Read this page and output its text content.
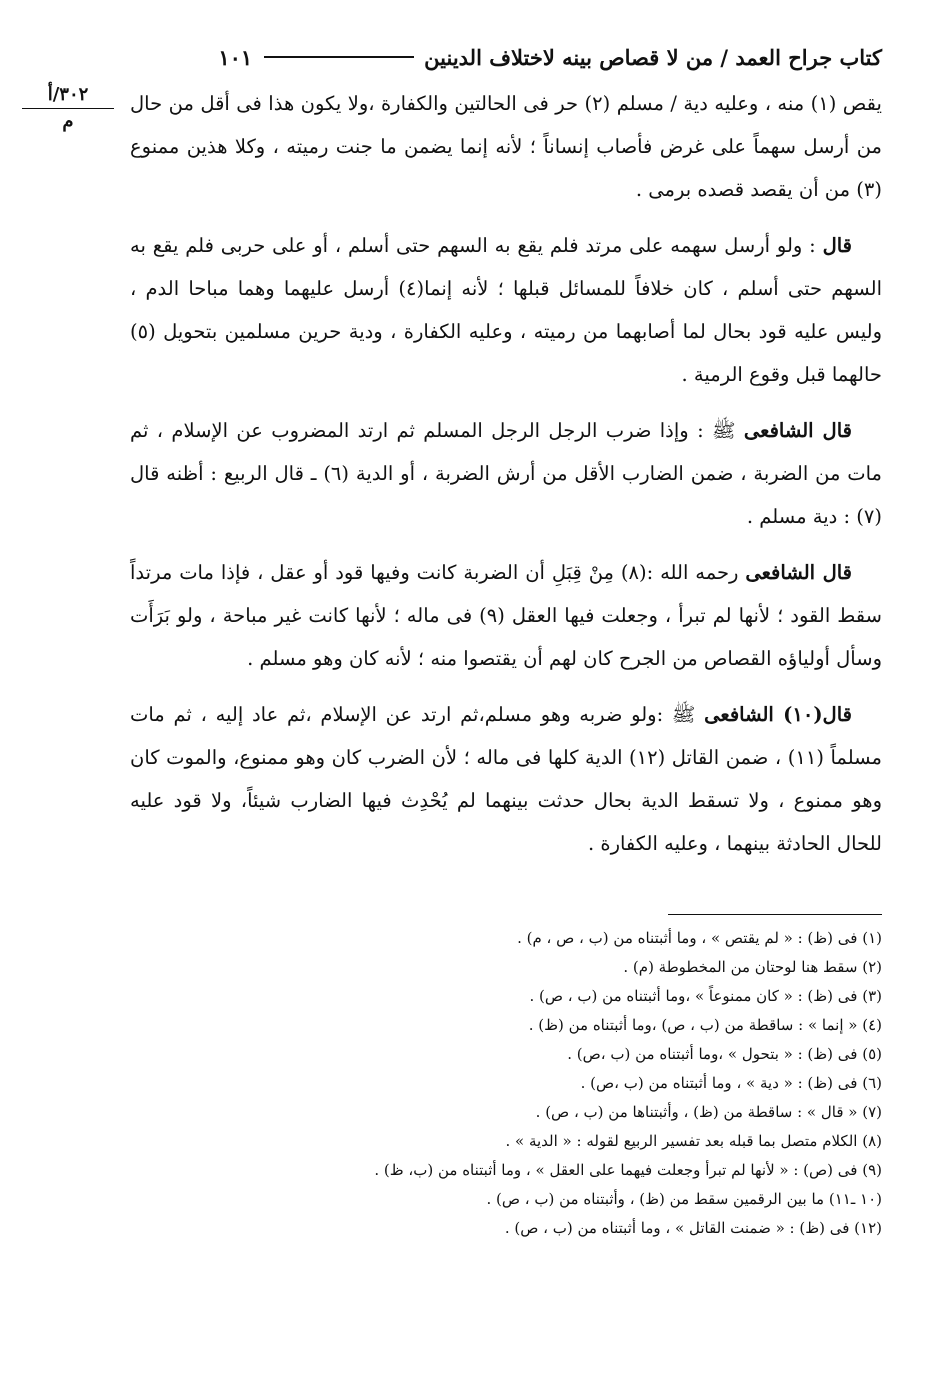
كتاب جراح العمد / من لا قصاص بينه لاختلاف الدينين
١٠١
٣٠٢/أ
م

يقص (١) منه ، وعليه دية / مسلم (٢) حر فى الحالتين والكفارة ،ولا يكون هذا فى أقل من حال من أرسل سهماً على غرض فأصاب إنساناً ؛ لأنه إنما يضمن ما جنت رميته ، وكلا هذين ممنوع (٣) من أن يقصد قصده برمى .

قال : ولو أرسل سهمه على مرتد فلم يقع به السهم حتى أسلم ، أو على حربى فلم يقع به السهم حتى أسلم ، كان خلافاً للمسائل قبلها ؛ لأنه إنما(٤) أرسل عليهما وهما مباحا الدم ، وليس عليه قود بحال لما أصابهما من رميته ، وعليه الكفارة ، ودية حرين مسلمين بتحويل (٥) حالهما قبل وقوع الرمية .

قال الشافعى ﷺ : وإذا ضرب الرجل الرجل المسلم ثم ارتد المضروب عن الإسلام ، ثم مات من الضربة ، ضمن الضارب الأقل من أرش الضربة ، أو الدية (٦) ـ قال الربيع : أظنه قال (٧) : دية مسلم .

قال الشافعى رحمه الله :(٨) مِنْ قِبَلِ أن الضربة كانت وفيها قود أو عقل ، فإذا مات مرتداً سقط القود ؛ لأنها لم تبرأ ، وجعلت فيها العقل (٩) فى ماله ؛ لأنها كانت غير مباحة ، ولو بَرَأَت وسأل أولياؤه القصاص من الجرح كان لهم أن يقتصوا منه ؛ لأنه كان وهو مسلم .

قال(١٠) الشافعى ﷺ :ولو ضربه وهو مسلم،ثم ارتد عن الإسلام ،ثم عاد إليه ، ثم مات مسلماً (١١) ، ضمن القاتل (١٢) الدية كلها فى ماله ؛ لأن الضرب كان وهو ممنوع، والموت كان وهو ممنوع ، ولا تسقط الدية بحال حدثت بينهما لم يُحْدِث فيها الضارب شيئاً، ولا قود عليه للحال الحادثة بينهما ، وعليه الكفارة .

(١) فى (ظ) : « لم يقتص » ، وما أثبتناه من (ب ، ص ، م) .
(٢) سقط هنا لوحتان من المخطوطة (م) .
(٣) فى (ظ) : « كان ممنوعاً » ،وما أثبتناه من (ب ، ص) .
(٤) « إنما » : ساقطة من (ب ، ص) ،وما أثبتناه من (ظ) .
(٥) فى (ظ) : « بتحول » ،وما أثبتناه من (ب ،ص) .
(٦) فى (ظ) : « دية » ، وما أثبتناه من (ب ،ص) .
(٧) « قال » : ساقطة من (ظ) ، وأثبتناها من (ب ، ص) .
(٨) الكلام متصل بما قبله بعد تفسير الربيع لقوله : « الدية » .
(٩) فى (ص) : « لأنها لم تبرأ وجعلت فيهما على العقل » ، وما أثبتناه من (ب، ظ) .
(١٠ ـ١١) ما بين الرقمين سقط من (ظ) ، وأثبتناه من (ب ، ص) .
(١٢) فى (ظ) : « ضمنت القاتل » ، وما أثبتناه من (ب ، ص) .
